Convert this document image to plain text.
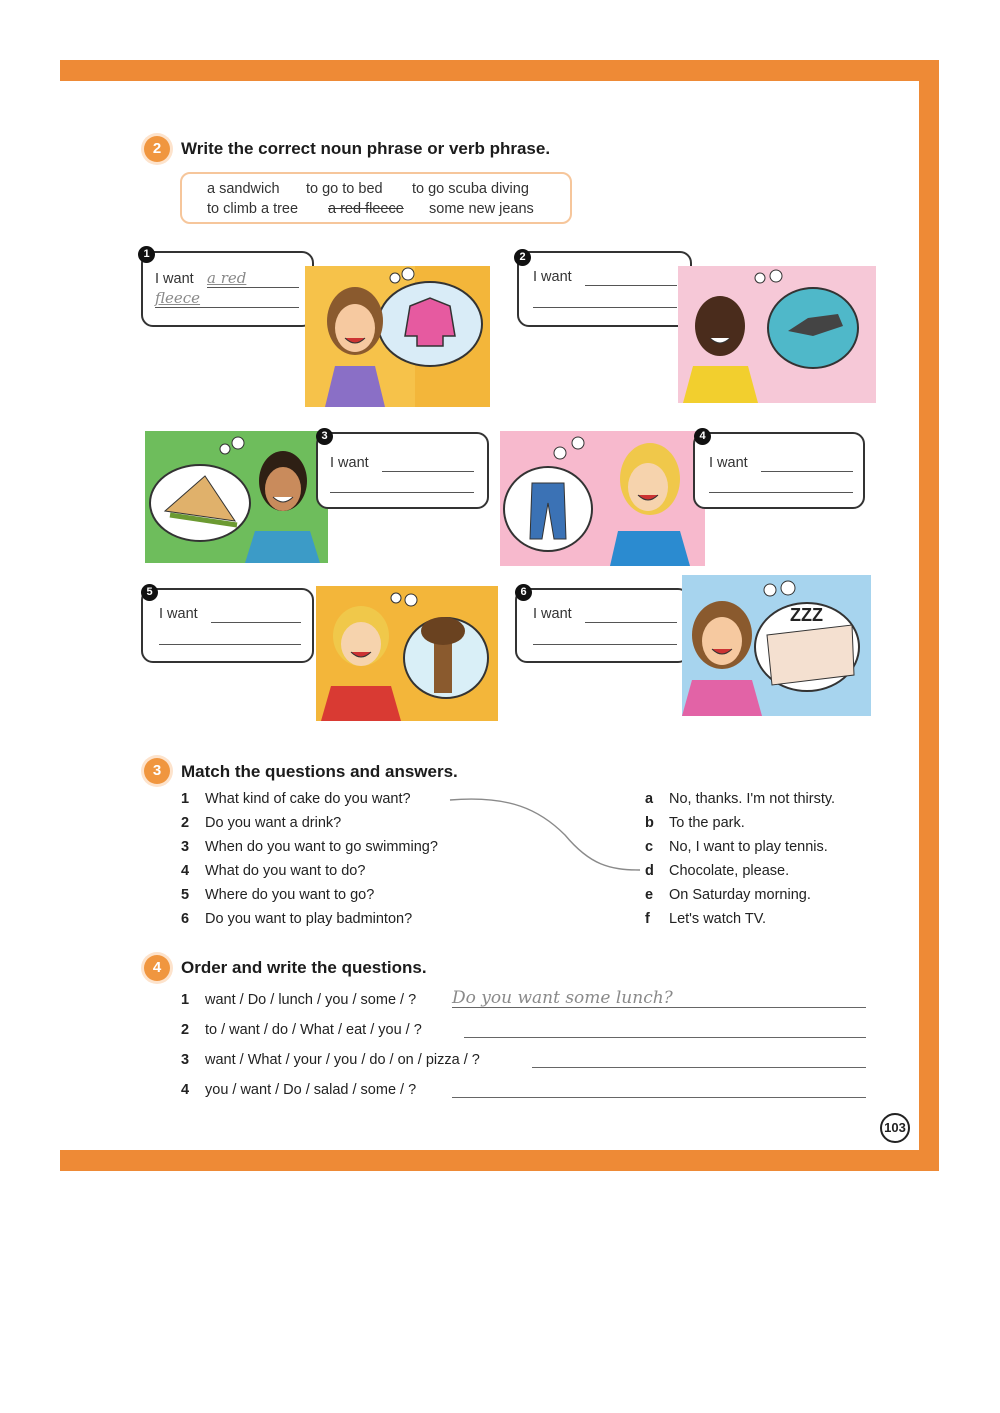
2	Write the correct noun phrase or verb phrase.
a sandwich to go to bed to go scuba diving
to climb a tree a red fleece some new jeans
I want a red
fleece
1
I want
2
I want
3
I want
4
I want
5
I want
6
ZZZ
3	Match the questions and answers.
1 What kind of cake do you want?
2 Do you want a drink?
3 When do you want to go swimming?
4 What do you want to do?
5 Where do you want to go?
6 Do you want to play badminton?
a No, thanks. I'm not thirsty.
b To the park.
c No, I want to play tennis.
d Chocolate, please.
e On Saturday morning.
f Let's watch TV.
4	Order and write the questions.
1 want / Do / lunch / you / some / ? Do you want some lunch?
2 to / want / do / What / eat / you / ?
3 want / What / your / you / do / on / pizza / ?
4 you / want / Do / salad / some / ?
103
